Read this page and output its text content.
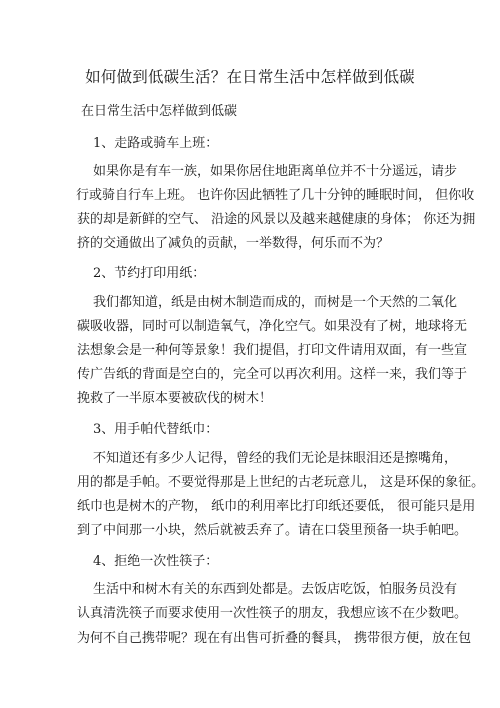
如何做到低碳生活？在日常生活中怎样做到低碳
在日常生活中怎样做到低碳
1、走路或骑车上班：
如果你是有车一族，如果你居住地距离单位并不十分遥远，请步
行或骑自行车上班。 也许你因此牺牲了几十分钟的睡眠时间， 但你收
获的却是新鲜的空气、 沿途的风景以及越来越健康的身体； 你还为拥
挤的交通做出了减负的贡献，一举数得，何乐而不为？
2、节约打印用纸：
我们都知道，纸是由树木制造而成的，而树是一个天然的二氧化
碳吸收器，同时可以制造氧气，净化空气。如果没有了树，地球将无
法想象会是一种何等景象！我们提倡，打印文件请用双面，有一些宣
传广告纸的背面是空白的，完全可以再次利用。这样一来，我们等于
挽救了一半原本要被砍伐的树木！
3、用手帕代替纸巾：
不知道还有多少人记得，曾经的我们无论是抹眼泪还是擦嘴角，
用的都是手帕。不要觉得那是上世纪的古老玩意儿， 这是环保的象征。
纸巾也是树木的产物， 纸巾的利用率比打印纸还要低， 很可能只是用
到了中间那一小块，然后就被丢弃了。请在口袋里预备一块手帕吧。
4、拒绝一次性筷子：
生活中和树木有关的东西到处都是。去饭店吃饭，怕服务员没有
认真清洗筷子而要求使用一次性筷子的朋友，我想应该不在少数吧。
为何不自己携带呢？现在有出售可折叠的餐具， 携带很方便，放在包
